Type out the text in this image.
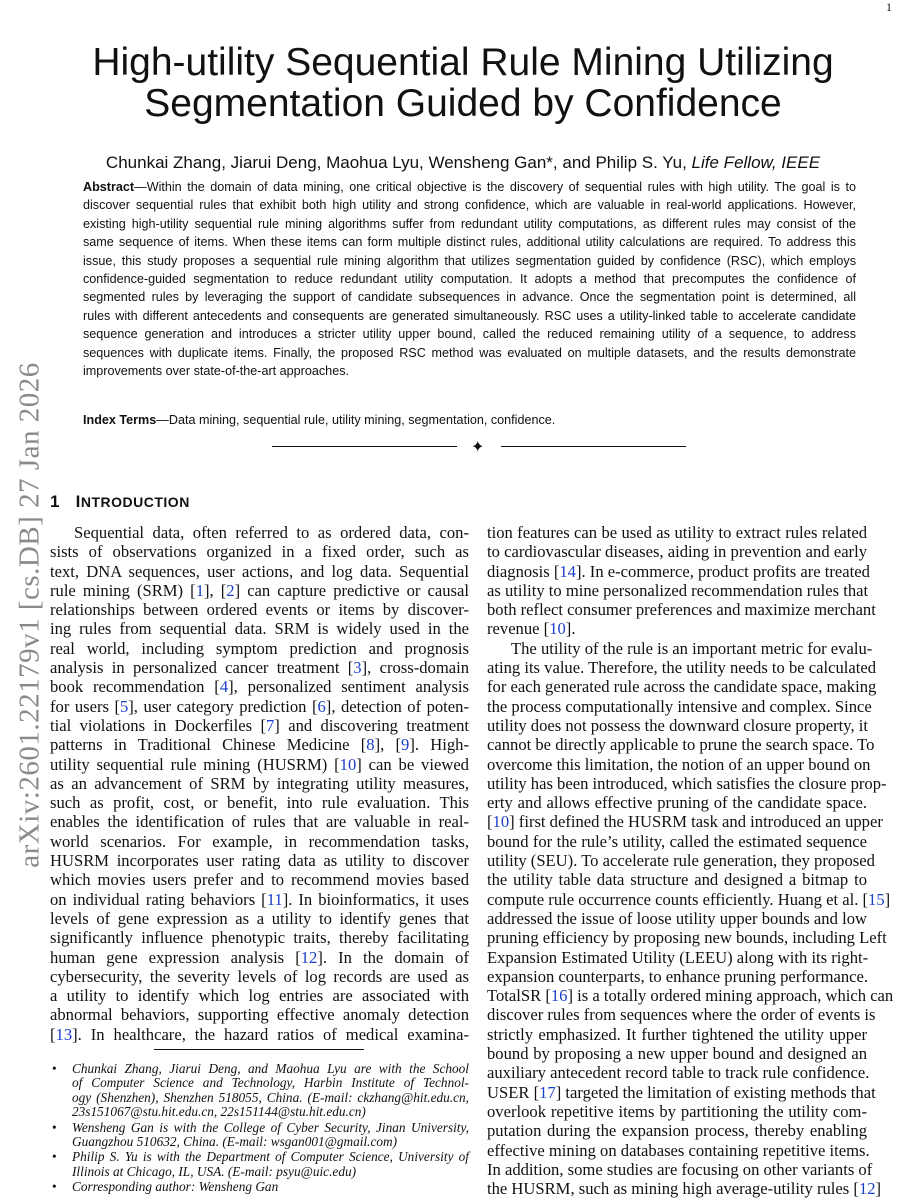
1
arXiv:2601.22179v1 [cs.DB] 27 Jan 2026
High-utility Sequential Rule Mining Utilizing
Segmentation Guided by Confidence
Chunkai Zhang, Jiarui Deng, Maohua Lyu, Wensheng Gan*, and Philip S. Yu, Life Fellow, IEEE
Abstract—Within the domain of data mining, one critical objective is the discovery of sequential rules with high utility. The goal is to
discover sequential rules that exhibit both high utility and strong confidence, which are valuable in real-world applications. However,
existing high-utility sequential rule mining algorithms suffer from redundant utility computations, as different rules may consist of the
same sequence of items. When these items can form multiple distinct rules, additional utility calculations are required. To address this
issue, this study proposes a sequential rule mining algorithm that utilizes segmentation guided by confidence (RSC), which employs
confidence-guided segmentation to reduce redundant utility computation. It adopts a method that precomputes the confidence of
segmented rules by leveraging the support of candidate subsequences in advance. Once the segmentation point is determined, all
rules with different antecedents and consequents are generated simultaneously. RSC uses a utility-linked table to accelerate candidate
sequence generation and introduces a stricter utility upper bound, called the reduced remaining utility of a sequence, to address
sequences with duplicate items. Finally, the proposed RSC method was evaluated on multiple datasets, and the results demonstrate
improvements over state-of-the-art approaches.
Index Terms—Data mining, sequential rule, utility mining, segmentation, confidence.
✦
1 INTRODUCTION
Sequential data, often referred to as ordered data, con-
sists of observations organized in a fixed order, such as
text, DNA sequences, user actions, and log data. Sequential
rule mining (SRM) [1], [2] can capture predictive or causal
relationships between ordered events or items by discover-
ing rules from sequential data. SRM is widely used in the
real world, including symptom prediction and prognosis
analysis in personalized cancer treatment [3], cross-domain
book recommendation [4], personalized sentiment analysis
for users [5], user category prediction [6], detection of poten-
tial violations in Dockerfiles [7] and discovering treatment
patterns in Traditional Chinese Medicine [8], [9]. High-
utility sequential rule mining (HUSRM) [10] can be viewed
as an advancement of SRM by integrating utility measures,
such as profit, cost, or benefit, into rule evaluation. This
enables the identification of rules that are valuable in real-
world scenarios. For example, in recommendation tasks,
HUSRM incorporates user rating data as utility to discover
which movies users prefer and to recommend movies based
on individual rating behaviors [11]. In bioinformatics, it uses
levels of gene expression as a utility to identify genes that
significantly influence phenotypic traits, thereby facilitating
human gene expression analysis [12]. In the domain of
cybersecurity, the severity levels of log records are used as
a utility to identify which log entries are associated with
abnormal behaviors, supporting effective anomaly detection
[13]. In healthcare, the hazard ratios of medical examina-
tion features can be used as utility to extract rules related
to cardiovascular diseases, aiding in prevention and early
diagnosis [14]. In e-commerce, product profits are treated
as utility to mine personalized recommendation rules that
both reflect consumer preferences and maximize merchant
revenue [10].
The utility of the rule is an important metric for evalu-
ating its value. Therefore, the utility needs to be calculated
for each generated rule across the candidate space, making
the process computationally intensive and complex. Since
utility does not possess the downward closure property, it
cannot be directly applicable to prune the search space. To
overcome this limitation, the notion of an upper bound on
utility has been introduced, which satisfies the closure prop-
erty and allows effective pruning of the candidate space.
[10] first defined the HUSRM task and introduced an upper
bound for the rule’s utility, called the estimated sequence
utility (SEU). To accelerate rule generation, they proposed
the utility table data structure and designed a bitmap to
compute rule occurrence counts efficiently. Huang et al. [15]
addressed the issue of loose utility upper bounds and low
pruning efficiency by proposing new bounds, including Left
Expansion Estimated Utility (LEEU) along with its right-
expansion counterparts, to enhance pruning performance.
TotalSR [16] is a totally ordered mining approach, which can
discover rules from sequences where the order of events is
strictly emphasized. It further tightened the utility upper
bound by proposing a new upper bound and designed an
auxiliary antecedent record table to track rule confidence.
USER [17] targeted the limitation of existing methods that
overlook repetitive items by partitioning the utility com-
putation during the expansion process, thereby enabling
effective mining on databases containing repetitive items.
In addition, some studies are focusing on other variants of
the HUSRM, such as mining high average-utility rules [12]
• Chunkai Zhang, Jiarui Deng, and Maohua Lyu are with the School
of Computer Science and Technology, Harbin Institute of Technol-
ogy (Shenzhen), Shenzhen 518055, China. (E-mail: ckzhang@hit.edu.cn,
23s151067@stu.hit.edu.cn, 22s151144@stu.hit.edu.cn)
• Wensheng Gan is with the College of Cyber Security, Jinan University,
Guangzhou 510632, China. (E-mail: wsgan001@gmail.com)
• Philip S. Yu is with the Department of Computer Science, University of
Illinois at Chicago, IL, USA. (E-mail: psyu@uic.edu)
• Corresponding author: Wensheng Gan
